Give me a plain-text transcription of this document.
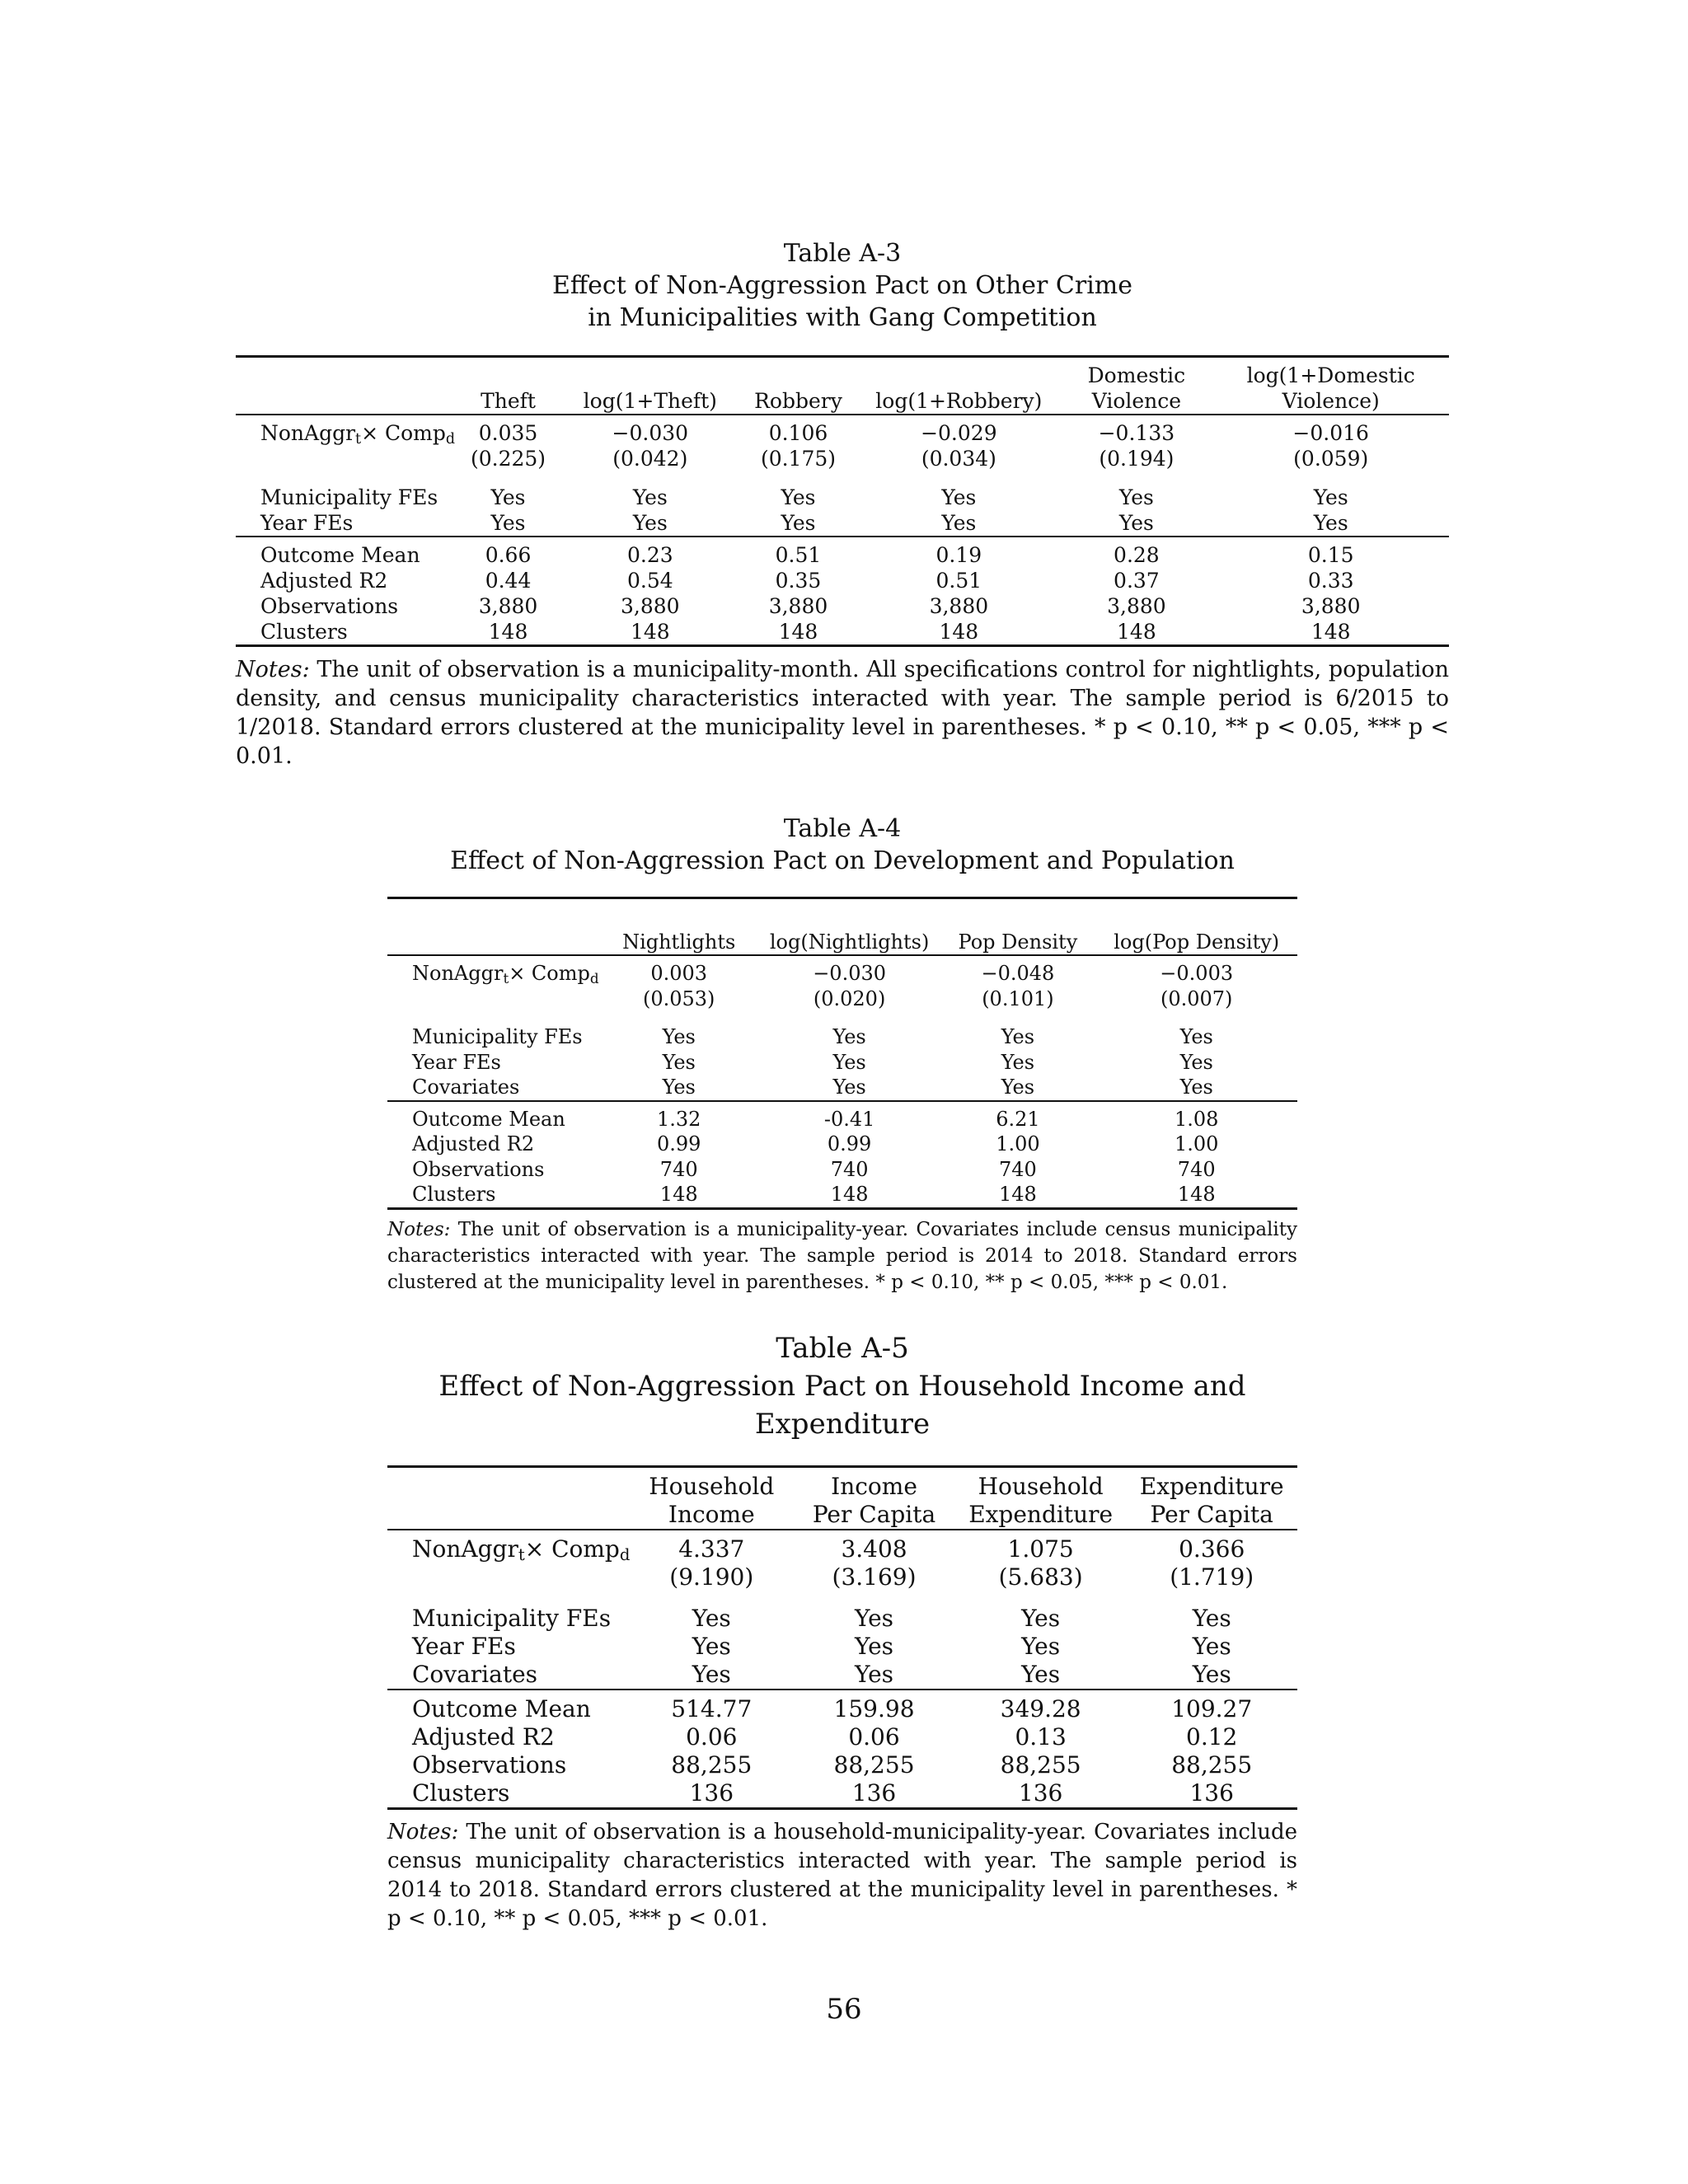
Table A-3
Effect of Non-Aggression Pact on Other Crime
in Municipalities with Gang Competition
					Domestic	log(1+Domestic
	Theft	log(1+Theft)	Robbery	log(1+Robbery)	Violence	Violence)
NonAggr$_t$× Comp$_d$	0.035	−0.030	0.106	−0.029	−0.133	−0.016
	(0.225)	(0.042)	(0.175)	(0.034)	(0.194)	(0.059)

Municipality FEs	Yes	Yes	Yes	Yes	Yes	Yes
Year FEs	Yes	Yes	Yes	Yes	Yes	Yes
Outcome Mean	0.66	0.23	0.51	0.19	0.28	0.15
Adjusted R2	0.44	0.54	0.35	0.51	0.37	0.33
Observations	3,880	3,880	3,880	3,880	3,880	3,880
Clusters	148	148	148	148	148	148
Notes: The unit of observation is a municipality-month. All specifications control for nightlights, population density, and census municipality characteristics interacted with year. The sample period is 6/2015 to 1/2018. Standard errors clustered at the municipality level in parentheses. * p < 0.10, ** p < 0.05, *** p < 0.01.
Table A-4
Effect of Non-Aggression Pact on Development and Population

	Nightlights	log(Nightlights)	Pop Density	log(Pop Density)
NonAggr$_t$× Comp$_d$	0.003	−0.030	−0.048	−0.003
	(0.053)	(0.020)	(0.101)	(0.007)

Municipality FEs	Yes	Yes	Yes	Yes
Year FEs	Yes	Yes	Yes	Yes
Covariates	Yes	Yes	Yes	Yes
Outcome Mean	1.32	-0.41	6.21	1.08
Adjusted R2	0.99	0.99	1.00	1.00
Observations	740	740	740	740
Clusters	148	148	148	148
Notes: The unit of observation is a municipality-year. Covariates include census municipality characteristics interacted with year. The sample period is 2014 to 2018. Standard errors clustered at the municipality level in parentheses. * p < 0.10, ** p < 0.05, *** p < 0.01.
Table A-5
Effect of Non-Aggression Pact on Household Income and Expenditure
	Household	Income	Household	Expenditure
	Income	Per Capita	Expenditure	Per Capita
NonAggr$_t$× Comp$_d$	4.337	3.408	1.075	0.366
	(9.190)	(3.169)	(5.683)	(1.719)

Municipality FEs	Yes	Yes	Yes	Yes
Year FEs	Yes	Yes	Yes	Yes
Covariates	Yes	Yes	Yes	Yes
Outcome Mean	514.77	159.98	349.28	109.27
Adjusted R2	0.06	0.06	0.13	0.12
Observations	88,255	88,255	88,255	88,255
Clusters	136	136	136	136
Notes: The unit of observation is a household-municipality-year. Covariates include census municipality characteristics interacted with year. The sample period is 2014 to 2018. Standard errors clustered at the municipality level in parentheses. * p < 0.10, ** p < 0.05, *** p < 0.01.
56
